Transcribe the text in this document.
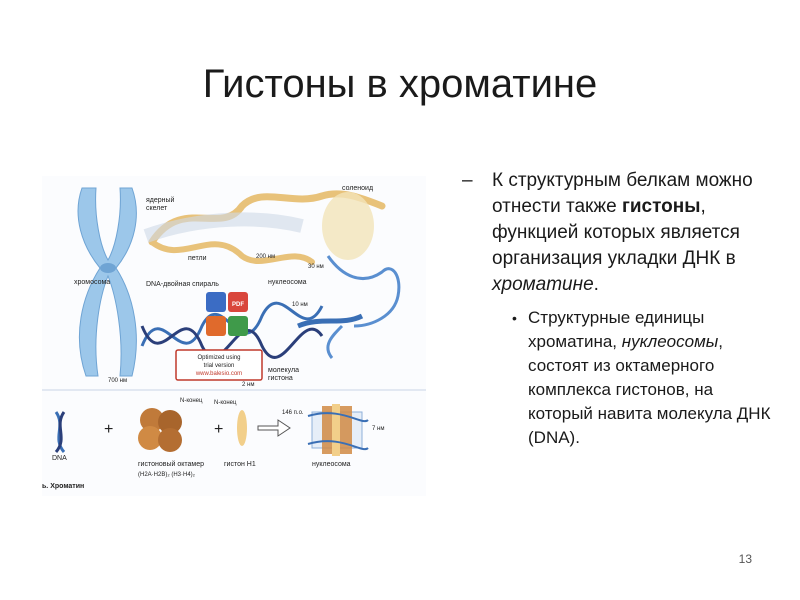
Гистоны в хроматине
PDF
Optimized using
trial version
www.balesio.com
ядерный
скелет
соленоид
петли	200 нм
30 нм
хромосома	DNA-двойная спираль	нуклеосома
10 нм
молекула
гистона
700 нм
2 нм
DNA
+
N-конец
гистоновый октамер
(H2A·H2B)₂ (H3·H4)₂
+
N-конец
гистон H1
146 п.о.
7 нм
нуклеосома
ь. Хроматин
– К структурным белкам можно отнести также гистоны, функцией которых является организация укладки ДНК в хроматине.
• Структурные единицы хроматина, нуклеосомы, состоят из октамерного комплекса гистонов, на который навита молекула ДНК (DNA).
13
